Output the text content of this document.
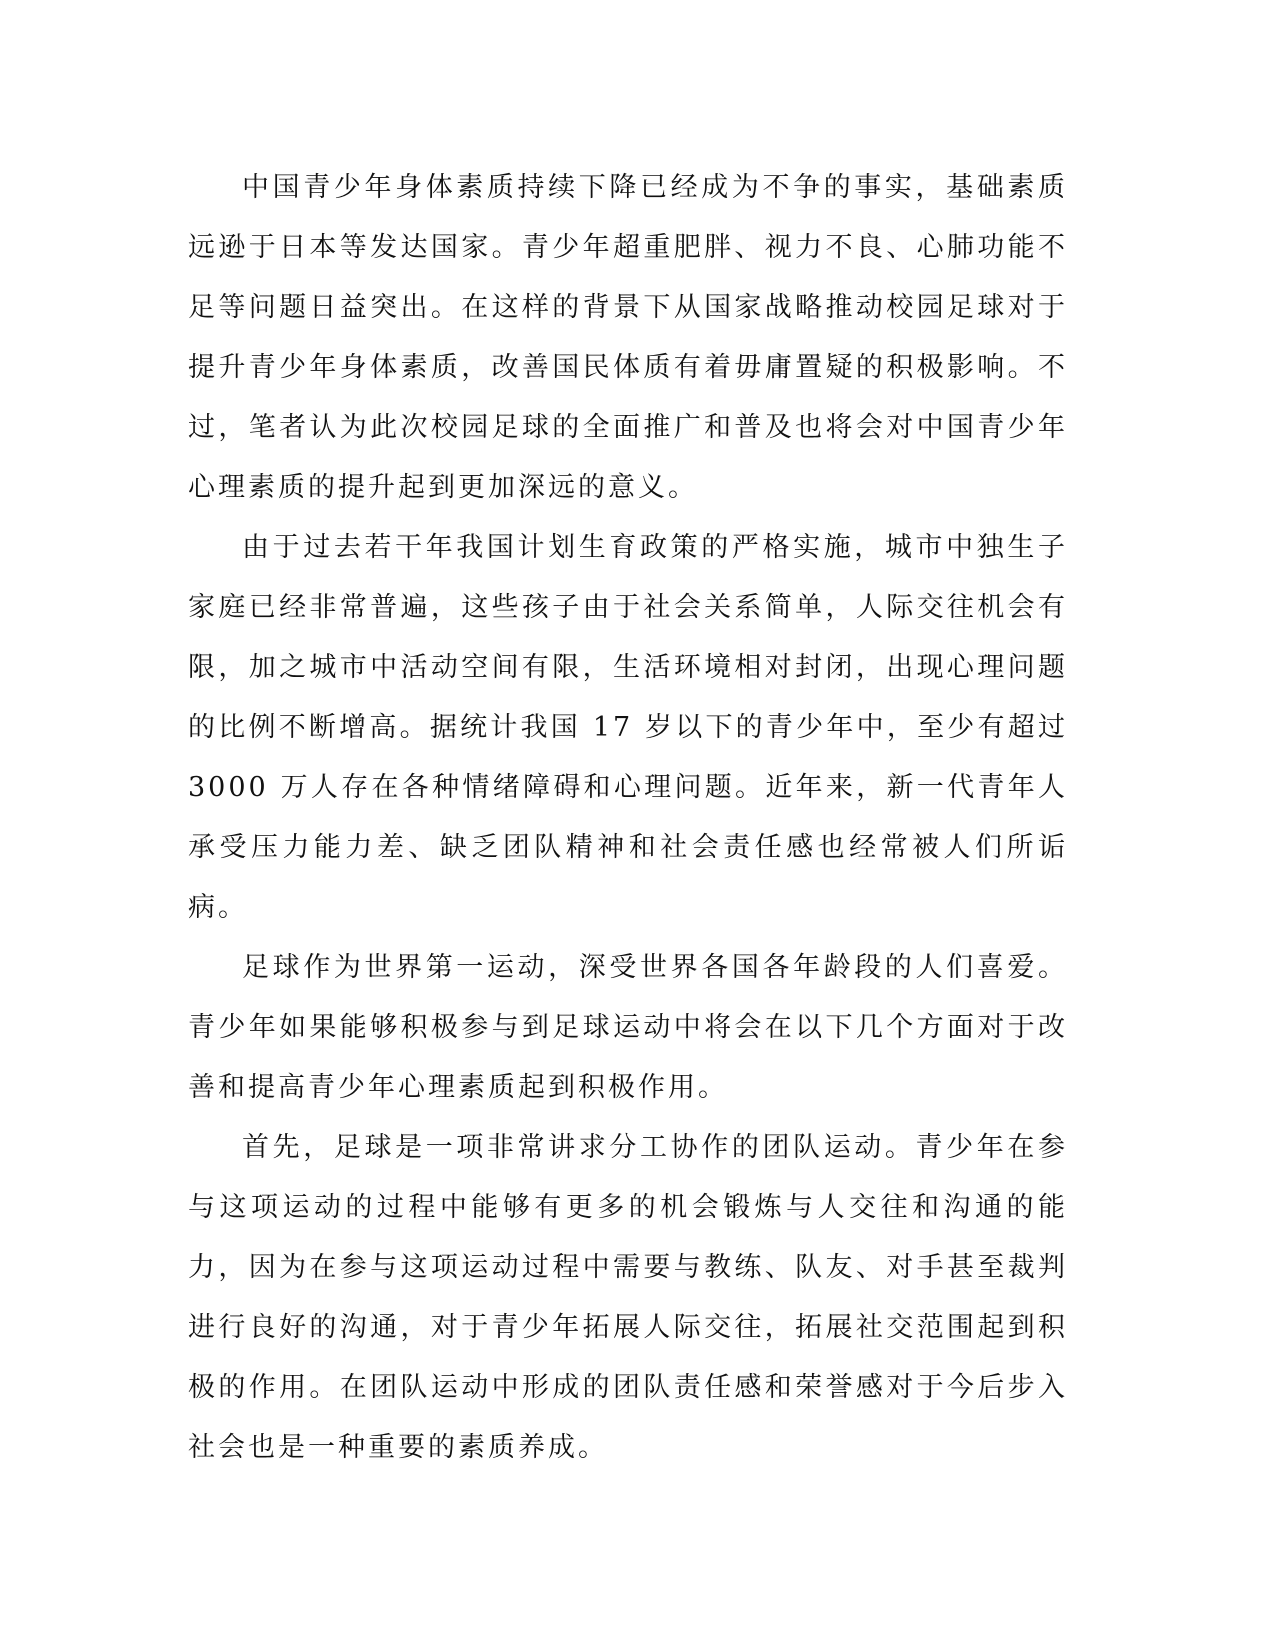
中国青少年身体素质持续下降已经成为不争的事实，基础素质远逊于日本等发达国家。青少年超重肥胖、视力不良、心肺功能不足等问题日益突出。在这样的背景下从国家战略推动校园足球对于提升青少年身体素质，改善国民体质有着毋庸置疑的积极影响。不过，笔者认为此次校园足球的全面推广和普及也将会对中国青少年心理素质的提升起到更加深远的意义。

由于过去若干年我国计划生育政策的严格实施，城市中独生子家庭已经非常普遍，这些孩子由于社会关系简单，人际交往机会有限，加之城市中活动空间有限，生活环境相对封闭，出现心理问题的比例不断增高。据统计我国 17 岁以下的青少年中，至少有超过 3000 万人存在各种情绪障碍和心理问题。近年来，新一代青年人承受压力能力差、缺乏团队精神和社会责任感也经常被人们所诟病。

足球作为世界第一运动，深受世界各国各年龄段的人们喜爱。青少年如果能够积极参与到足球运动中将会在以下几个方面对于改善和提高青少年心理素质起到积极作用。

首先，足球是一项非常讲求分工协作的团队运动。青少年在参与这项运动的过程中能够有更多的机会锻炼与人交往和沟通的能力，因为在参与这项运动过程中需要与教练、队友、对手甚至裁判进行良好的沟通，对于青少年拓展人际交往，拓展社交范围起到积极的作用。在团队运动中形成的团队责任感和荣誉感对于今后步入社会也是一种重要的素质养成。
